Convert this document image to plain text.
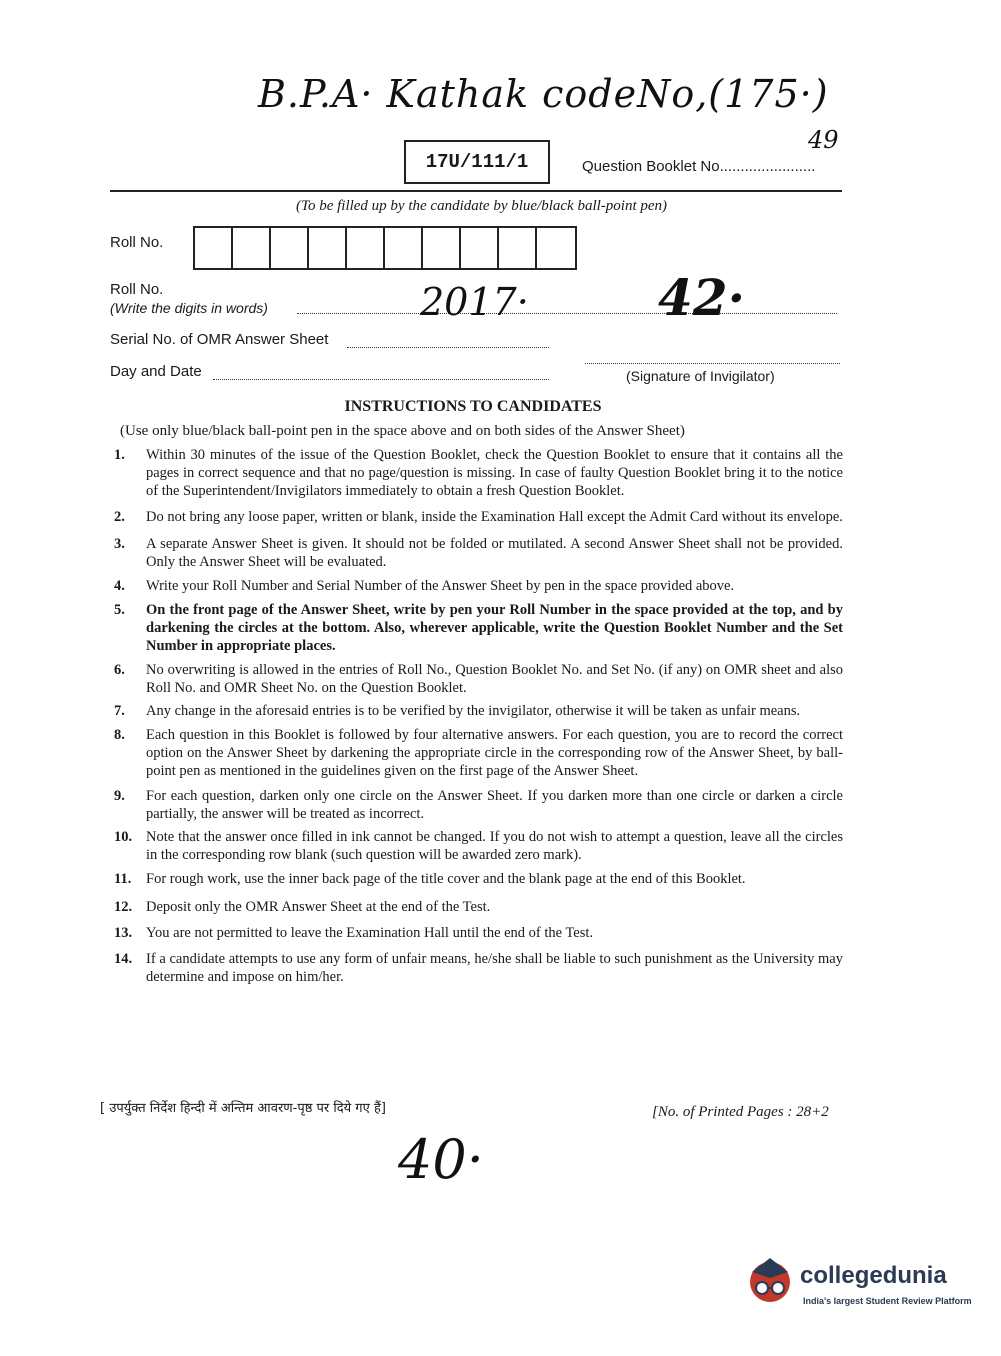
B.P.A· Kathak codeNo,(175·)
49
17U/111/1	Question Booklet No.......................
(To be filled up by the candidate by blue/black ball-point pen)
Roll No.
Roll No.
(Write the digits in words)	2017·	42·
Serial No. of OMR Answer Sheet
Day and Date	(Signature of Invigilator)
INSTRUCTIONS TO CANDIDATES
(Use only blue/black ball-point pen in the space above and on both sides of the Answer Sheet)
1.	Within 30 minutes of the issue of the Question Booklet, check the Question Booklet to ensure that it contains all the pages in correct sequence and that no page/question is missing. In case of faulty Question Booklet bring it to the notice of the Superintendent/Invigilators immediately to obtain a fresh Question Booklet.
2.	Do not bring any loose paper, written or blank, inside the Examination Hall except the Admit Card without its envelope.
3.	A separate Answer Sheet is given. It should not be folded or mutilated. A second Answer Sheet shall not be provided. Only the Answer Sheet will be evaluated.
4.	Write your Roll Number and Serial Number of the Answer Sheet by pen in the space provided above.
5.	On the front page of the Answer Sheet, write by pen your Roll Number in the space provided at the top, and by darkening the circles at the bottom. Also, wherever applicable, write the Question Booklet Number and the Set Number in appropriate places.
6.	No overwriting is allowed in the entries of Roll No., Question Booklet No. and Set No. (if any) on OMR sheet and also Roll No. and OMR Sheet No. on the Question Booklet.
7.	Any change in the aforesaid entries is to be verified by the invigilator, otherwise it will be taken as unfair means.
8.	Each question in this Booklet is followed by four alternative answers. For each question, you are to record the correct option on the Answer Sheet by darkening the appropriate circle in the corresponding row of the Answer Sheet, by ball-point pen as mentioned in the guidelines given on the first page of the Answer Sheet.
9.	For each question, darken only one circle on the Answer Sheet. If you darken more than one circle or darken a circle partially, the answer will be treated as incorrect.
10. Note that the answer once filled in ink cannot be changed. If you do not wish to attempt a question, leave all the circles in the corresponding row blank (such question will be awarded zero mark).
11.	For rough work, use the inner back page of the title cover and the blank page at the end of this Booklet.
12. Deposit only the OMR Answer Sheet at the end of the Test.
13. You are not permitted to leave the Examination Hall until the end of the Test.
14. If a candidate attempts to use any form of unfair means, he/she shall be liable to such punishment as the University may determine and impose on him/her.
[ उपर्युक्त निर्देश हिन्दी में अन्तिम आवरण-पृष्ठ पर दिये गए हैं]	[No. of Printed Pages : 28+2
40·
collegedunia
India's largest Student Review Platform
